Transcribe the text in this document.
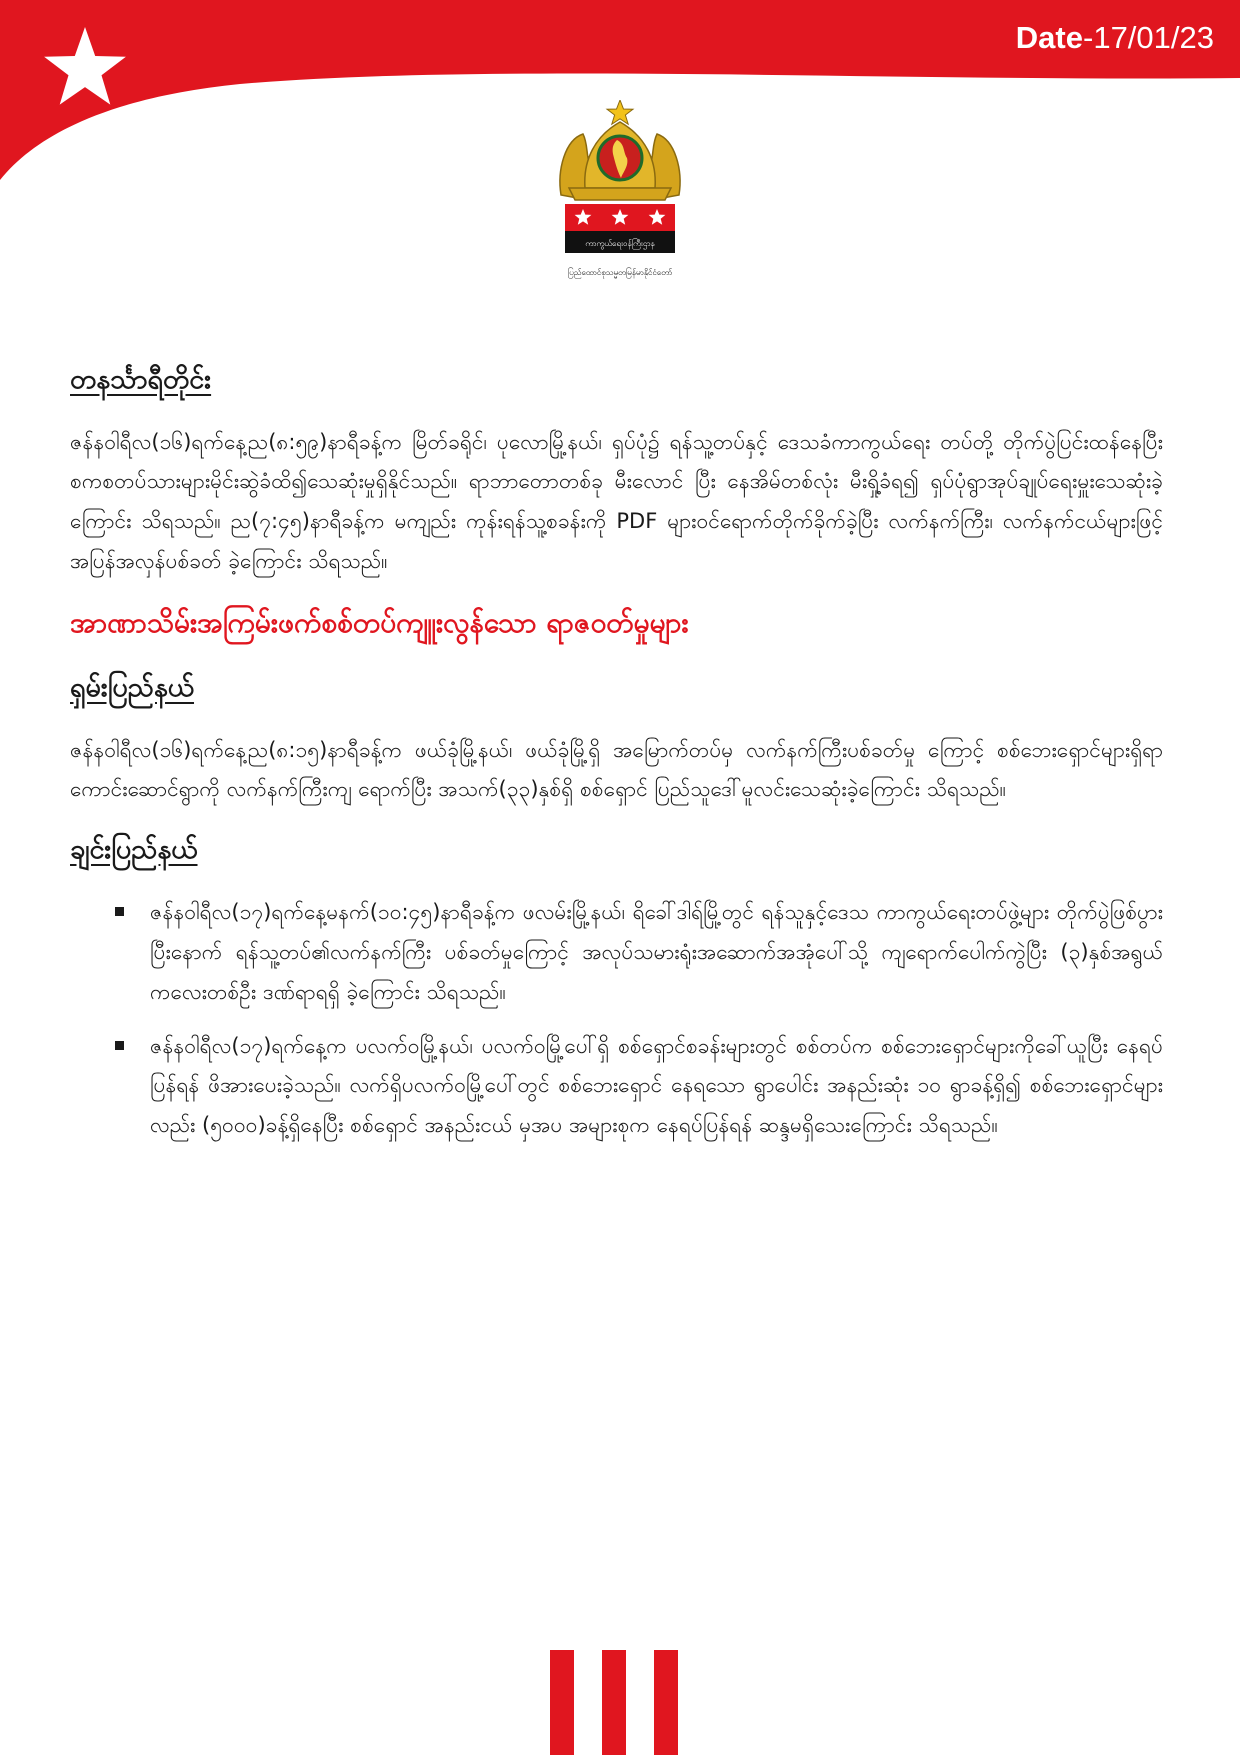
Date-17/01/23
ကာကွယ်ရေးဝန်ကြီးဌာန
ပြည်ထောင်စုသမ္မတမြန်မာနိုင်ငံတော်
တနင်္သာရီတိုင်း

ဇန်နဝါရီလ(၁၆)ရက်နေ့ည(၈:၅၉)နာရီခန့်က မြိတ်ခရိုင်၊ ပုလောမြို့နယ်၊ ရှပ်ပုံ၌ ရန်သူ့တပ်နှင့် ဒေသခံကာကွယ်ရေး တပ်တို့ တိုက်ပွဲပြင်းထန်နေပြီး စကစတပ်သားများမိုင်းဆွဲခံထိ၍သေဆုံးမှုရှိနိုင်သည်။ ရာဘာတောတစ်ခု မီးလောင် ပြီး နေအိမ်တစ်လုံး မီးရှို့ခံရ၍ ရှပ်ပုံရွာအုပ်ချုပ်ရေးမှူးသေဆုံးခဲ့ကြောင်း သိရသည်။ ည(၇:၄၅)နာရီခန့်က မကျည်း ကုန်းရန်သူ့စခန်းကို PDF များဝင်ရောက်တိုက်ခိုက်ခဲ့ပြီး လက်နက်ကြီး၊ လက်နက်ငယ်များဖြင့် အပြန်အလှန်ပစ်ခတ် ခဲ့ကြောင်း သိရသည်။

အာဏာသိမ်းအကြမ်းဖက်စစ်တပ်ကျူးလွန်သော ရာဇဝတ်မှုများ
ရှမ်းပြည်နယ်

ဇန်နဝါရီလ(၁၆)ရက်နေ့ည(၈:၁၅)နာရီခန့်က ဖယ်ခုံမြို့နယ်၊ ဖယ်ခုံမြို့ရှိ အမြောက်တပ်မှ လက်နက်ကြီးပစ်ခတ်မှု ကြောင့် စစ်ဘေးရှောင်များရှိရာ ကောင်းဆောင်ရွာကို လက်နက်ကြီးကျ ရောက်ပြီး အသက်(၃၃)နှစ်ရှိ စစ်ရှောင် ပြည်သူဒေါ်မူလင်းသေဆုံးခဲ့ကြောင်း သိရသည်။

ချင်းပြည်နယ်
ဇန်နဝါရီလ(၁၇)ရက်နေ့မနက်(၁၀:၄၅)နာရီခန့်က ဖလမ်းမြို့နယ်၊ ရိခေါ်ဒါရ်မြို့တွင် ရန်သူနှင့်ဒေသ ကာကွယ်ရေးတပ်ဖွဲ့များ တိုက်ပွဲဖြစ်ပွားပြီးနောက် ရန်သူ့တပ်၏လက်နက်ကြီး ပစ်ခတ်မှုကြောင့် အလုပ်သမားရုံးအဆောက်အအုံပေါ်သို့ ကျရောက်ပေါက်ကွဲပြီး (၃)နှစ်အရွယ်ကလေးတစ်ဦး ဒဏ်ရာရရှိ ခဲ့ကြောင်း သိရသည်။
ဇန်နဝါရီလ(၁၇)ရက်နေ့က ပလက်ဝမြို့နယ်၊ ပလက်ဝမြို့ပေါ်ရှိ စစ်ရှောင်စခန်းများတွင် စစ်တပ်က စစ်ဘေးရှောင်များကိုခေါ်ယူပြီး နေရပ်ပြန်ရန် ဖိအားပေးခဲ့သည်။ လက်ရှိပလက်ဝမြို့ပေါ်တွင် စစ်ဘေးရှောင် နေရသော ရွာပေါင်း အနည်းဆုံး ၁၀ ရွာခန့်ရှိ၍ စစ်ဘေးရှောင်များလည်း (၅၀၀၀)ခန့်ရှိနေပြီး စစ်ရှောင် အနည်းငယ် မှအပ အများစုက နေရပ်ပြန်ရန် ဆန္ဒမရှိသေးကြောင်း သိရသည်။
